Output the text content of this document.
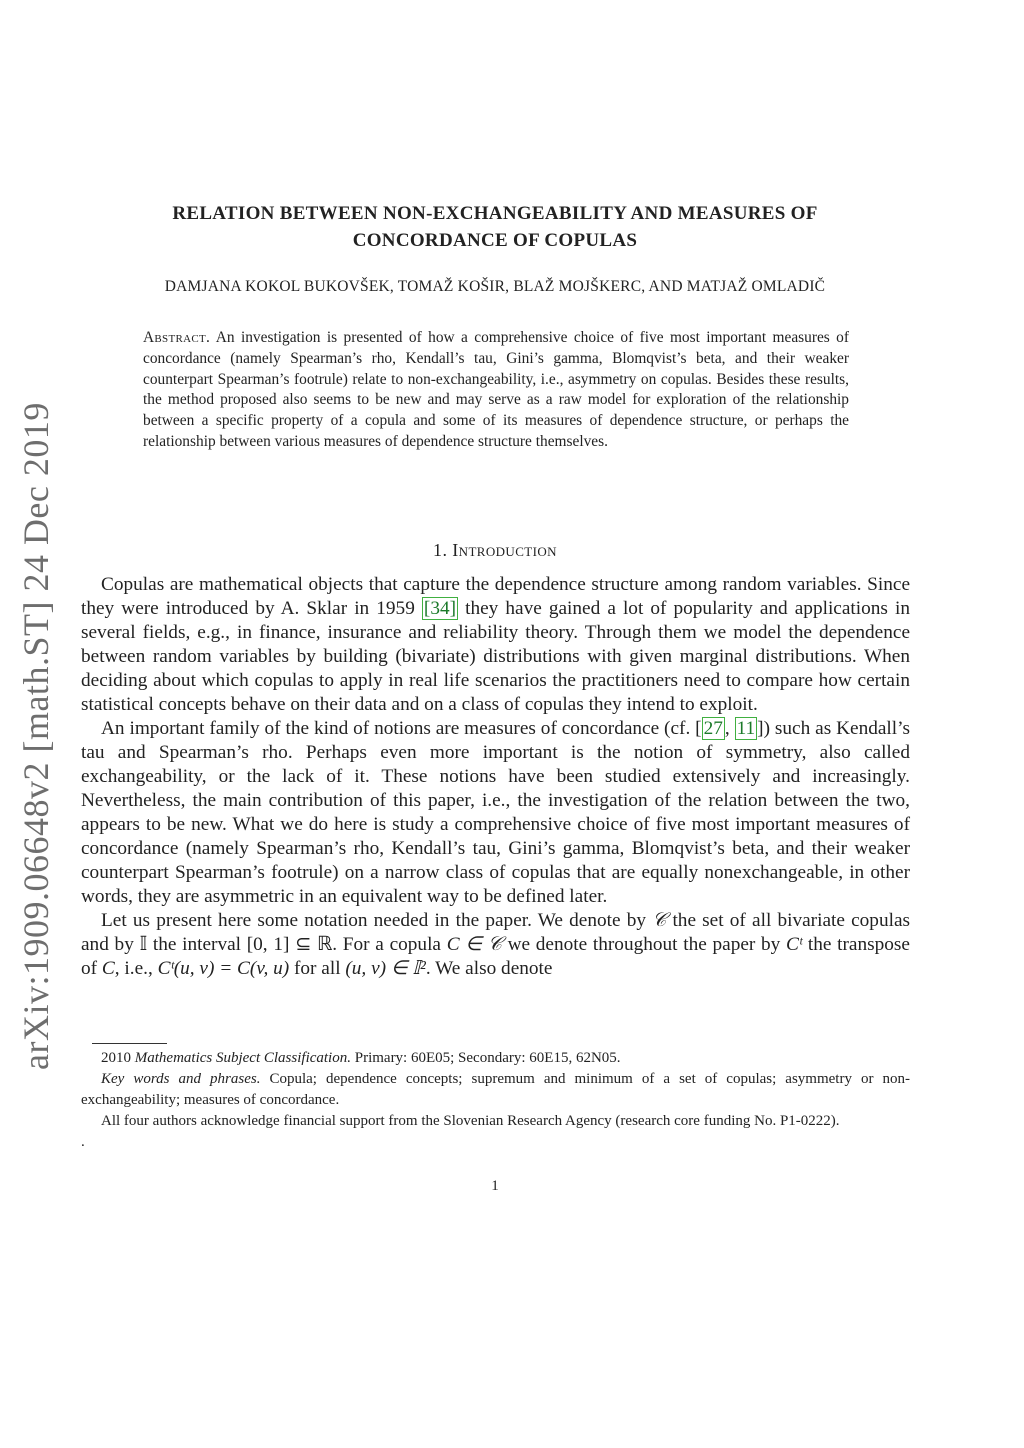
arXiv:1909.06648v2 [math.ST] 24 Dec 2019
RELATION BETWEEN NON-EXCHANGEABILITY AND MEASURES OF
CONCORDANCE OF COPULAS
DAMJANA KOKOL BUKOVŠEK, TOMAŽ KOŠIR, BLAŽ MOJŠKERC, AND MATJAŽ OMLADIČ
Abstract. An investigation is presented of how a comprehensive choice of five most important measures of concordance (namely Spearman’s rho, Kendall’s tau, Gini’s gamma, Blomqvist’s beta, and their weaker counterpart Spearman’s footrule) relate to non-exchangeability, i.e., asymmetry on copulas. Besides these results, the method proposed also seems to be new and may serve as a raw model for exploration of the relationship between a specific property of a copula and some of its measures of dependence structure, or perhaps the relationship between various measures of dependence structure themselves.
1. Introduction

Copulas are mathematical objects that capture the dependence structure among random variables. Since they were introduced by A. Sklar in 1959 [34] they have gained a lot of popularity and applications in several fields, e.g., in finance, insurance and reliability theory. Through them we model the dependence between random variables by building (bivariate) distributions with given marginal distributions. When deciding about which copulas to apply in real life scenarios the practitioners need to compare how certain statistical concepts behave on their data and on a class of copulas they intend to exploit.

An important family of the kind of notions are measures of concordance (cf. [ 27 , 11 ]) such as Kendall’s tau and Spearman’s rho. Perhaps even more important is the notion of symmetry, also called exchangeability, or the lack of it. These notions have been studied extensively and increasingly. Nevertheless, the main contribution of this paper, i.e., the investigation of the relation between the two, appears to be new. What we do here is study a comprehensive choice of five most important measures of concordance (namely Spearman’s rho, Kendall’s tau, Gini’s gamma, Blomqvist’s beta, and their weaker counterpart Spearman’s footrule) on a narrow class of copulas that are equally nonexchangeable, in other words, they are asymmetric in an equivalent way to be defined later.

Let us present here some notation needed in the paper. We denote by 𝒞 the set of all bivariate copulas and by 𝕀 the interval [0, 1] ⊆ ℝ. For a copula C ∈ 𝒞 we denote throughout the paper by Cᵗ the transpose of C, i.e., Cᵗ(u, v) = C(v, u) for all (u, v) ∈ 𝕀². We also denote

2010 Mathematics Subject Classification. Primary: 60E05; Secondary: 60E15, 62N05.

Key words and phrases. Copula; dependence concepts; supremum and minimum of a set of copulas; asymmetry or non-exchangeability; measures of concordance.

All four authors acknowledge financial support from the Slovenian Research Agency (research core funding No. P1-0222).

.

1
